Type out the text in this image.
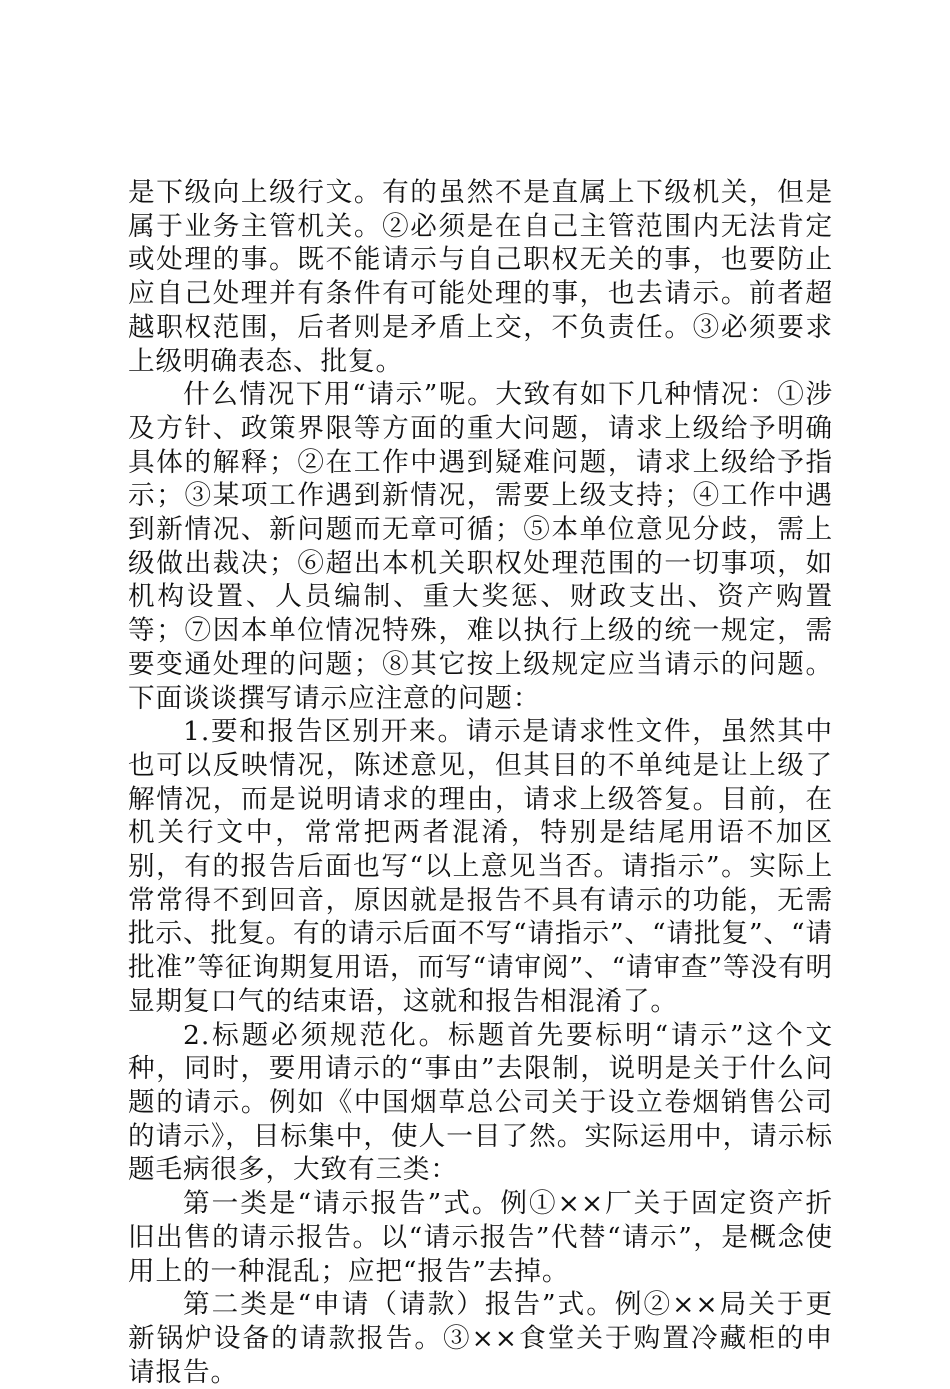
是下级向上级行文。有的虽然不是直属上下级机关，但是属于业务主管机关。②必须是在自己主管范围内无法肯定或处理的事。既不能请示与自己职权无关的事，也要防止应自己处理并有条件有可能处理的事，也去请示。前者超越职权范围，后者则是矛盾上交，不负责任。③必须要求上级明确表态、批复。

什么情况下用“请示”呢。大致有如下几种情况：①涉及方针、政策界限等方面的重大问题，请求上级给予明确具体的解释；②在工作中遇到疑难问题，请求上级给予指示；③某项工作遇到新情况，需要上级支持；④工作中遇到新情况、新问题而无章可循；⑤本单位意见分歧，需上级做出裁决；⑥超出本机关职权处理范围的一切事项，如机构设置、人员编制、重大奖惩、财政支出、资产购置等；⑦因本单位情况特殊，难以执行上级的统一规定，需要变通处理的问题；⑧其它按上级规定应当请示的问题。下面谈谈撰写请示应注意的问题：

1.要和报告区别开来。请示是请求性文件，虽然其中也可以反映情况，陈述意见，但其目的不单纯是让上级了解情况，而是说明请求的理由，请求上级答复。目前，在机关行文中，常常把两者混淆，特别是结尾用语不加区别，有的报告后面也写“以上意见当否。请指示”。实际上常常得不到回音，原因就是报告不具有请示的功能，无需批示、批复。有的请示后面不写“请指示”、“请批复”、“请批准”等征询期复用语，而写“请审阅”、“请审查”等没有明显期复口气的结束语，这就和报告相混淆了。

2.标题必须规范化。标题首先要标明“请示”这个文种，同时，要用请示的“事由”去限制，说明是关于什么问题的请示。例如《中国烟草总公司关于设立卷烟销售公司的请示》，目标集中，使人一目了然。实际运用中，请示标题毛病很多，大致有三类：

第一类是“请示报告”式。例①××厂关于固定资产折旧出售的请示报告。以“请示报告”代替“请示”，是概念使用上的一种混乱；应把“报告”去掉。

第二类是“申请（请款）报告”式。例②××局关于更新锅炉设备的请款报告。③××食堂关于购置冷藏柜的申请报告。
